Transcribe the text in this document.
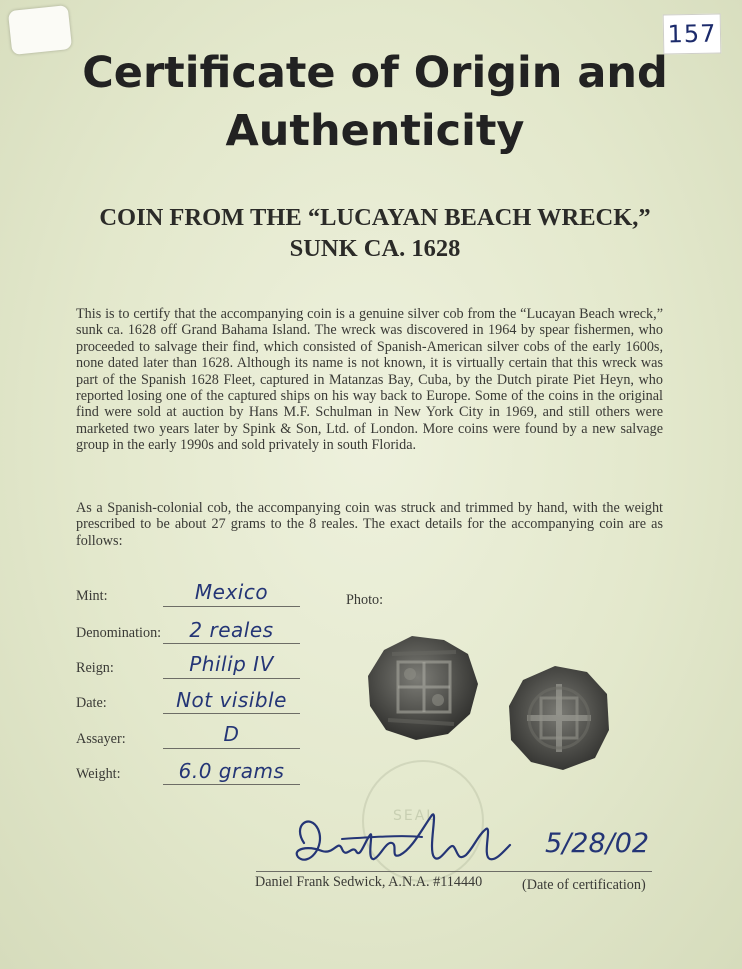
157
Certificate of Origin and
Authenticity
COIN FROM THE “LUCAYAN BEACH WRECK,”
SUNK CA. 1628
This is to certify that the accompanying coin is a genuine silver cob from the “Lucayan Beach wreck,” sunk ca. 1628 off Grand Bahama Island. The wreck was discovered in 1964 by spear fishermen, who proceeded to salvage their find, which consisted of Spanish-American silver cobs of the early 1600s, none dated later than 1628. Although its name is not known, it is virtually certain that this wreck was part of the Spanish 1628 Fleet, captured in Matanzas Bay, Cuba, by the Dutch pirate Piet Heyn, who reported losing one of the captured ships on his way back to Europe. Some of the coins in the original find were sold at auction by Hans M.F. Schulman in New York City in 1969, and still others were marketed two years later by Spink & Son, Ltd. of London. More coins were found by a new salvage group in the early 1990s and sold privately in south Florida.
As a Spanish-colonial cob, the accompanying coin was struck and trimmed by hand, with the weight prescribed to be about 27 grams to the 8 reales. The exact details for the accompanying coin are as follows:
Mint:	Mexico
Denomination:	2 reales
Reign:	Philip IV
Date:	Not visible
Assayer:	D
Weight:	6.0 grams
Photo:
SEAL
5/28/02
Daniel Frank Sedwick, A.N.A. #114440	(Date of certification)
